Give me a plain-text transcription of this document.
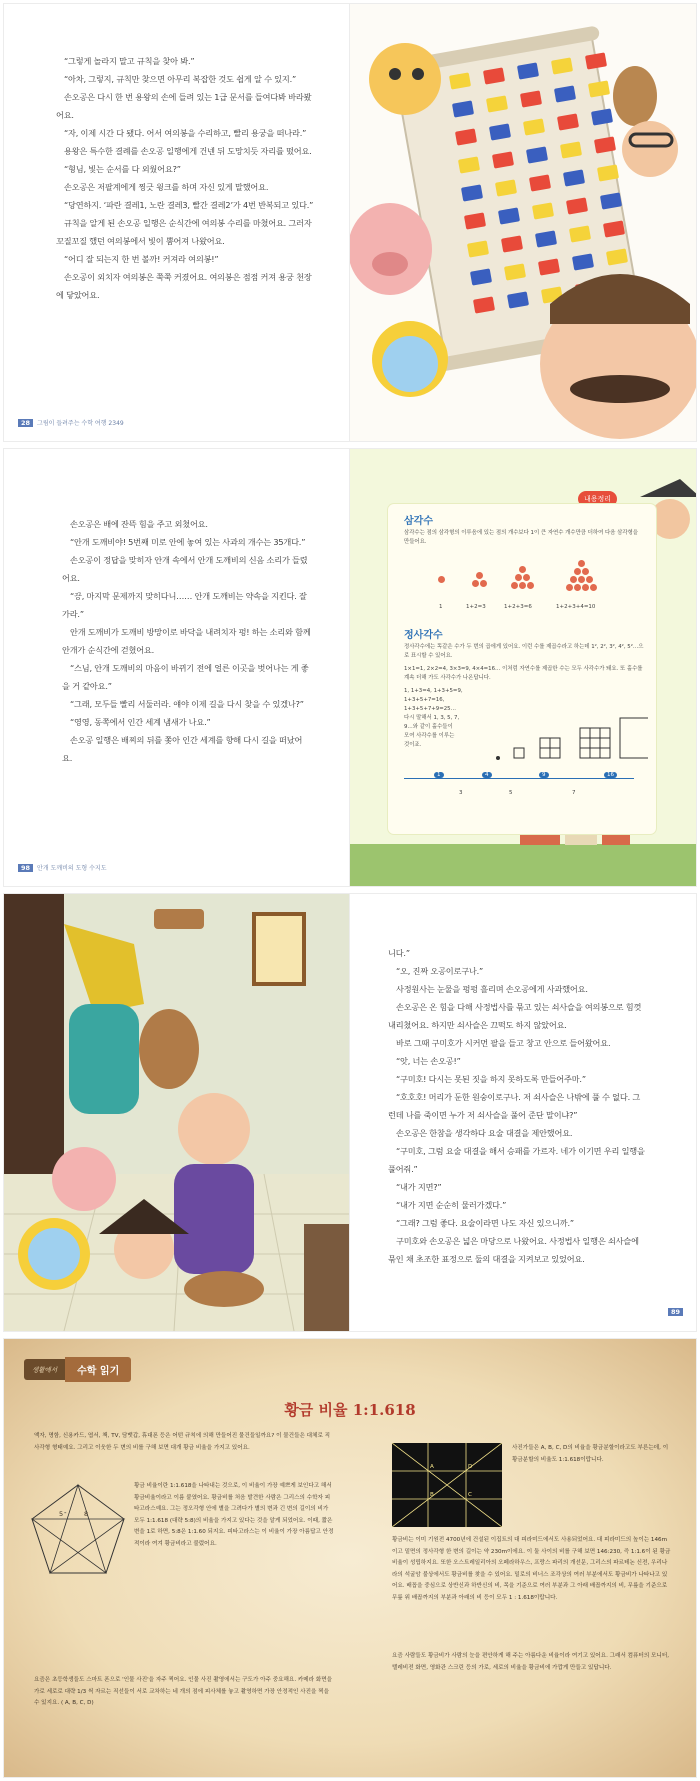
“그렇게 놀라지 말고 규칙을 찾아 봐.”

“아차, 그렇지, 규칙만 찾으면 아무리 복잡한 것도 쉽게 알 수 있지.”

손오공은 다시 한 번 용왕의 손에 들려 있는 1급 문서를 들여다봐 바라봤어요.

“자, 이제 시간 다 됐다. 어서 여의봉을 수리하고, 빨리 용궁을 떠나라.”

용왕은 특수한 결례를 손오공 일행에게 건넨 뒤 도망치듯 자리를 떴어요.

“형님, 빛는 순서를 다 외웠어요?”

손오공은 저팔계에게 찡긋 윙크를 하며 자신 있게 말했어요.

“당연하지. ‘파란 결레1, 노란 결레3, 빨간 결레2’가 4번 반복되고 있다.”

규칙을 알게 된 손오공 일행은 순식간에 여의봉 수리를 마쳤어요. 그러자 꼬질꼬질 했던 여의봉에서 빛이 뿜어져 나왔어요.

“어디 잘 되는지 한 번 볼까! 커져라 여의봉!”

손오공이 외치자 여의봉은 쭉쭉 커졌어요. 여의봉은 점점 커져 용궁 천장에 닿았어요.

28	그림이 들려주는 수학 여행 2349

손오공은 배에 잔뜩 힘을 주고 외쳤어요.

“안개 도깨비야! 5번째 미로 안에 놓여 있는 사과의 개수는 35개다.”

손오공이 정답을 맞히자 안개 속에서 안개 도깨비의 신음 소리가 들렸어요.

“끙, 마지막 문제까지 맞히다니…… 안개 도깨비는 약속을 지킨다. 잘 가라.”

안개 도깨비가 도깨비 방망이로 바닥을 내려치자 펑! 하는 소리와 함께 안개가 순식간에 걷혔어요.

“스님, 안개 도깨비의 마음이 바뀌기 전에 얼른 이곳을 벗어나는 게 좋을 거 같아요.”

“그래, 모두들 빨리 서둘러라. 얘야 이제 길을 다시 찾을 수 있겠나?”

“영영, 동쪽에서 인간 세계 냄새가 나요.”

손오공 일행은 배찌의 뒤를 쫓아 인간 세계를 향해 다시 길을 떠났어요.

98	안개 도깨비의 도형 수지도
내용정리
삼각수
삼각수는 점의 삼각형의 이루음에 있는 점의 개수보다 1이 큰 자연수 개수만큼 더하여 다음 삼각형을 만들어요.
1	1+2=3	1+2+3=6	1+2+3+4=10
정사각수
정사각수에는 똑같은 수가 두 번의 곱에게 있어요. 이런 수를 제곱수라고 하는데 1², 2², 3², 4², 5²…으로 표시할 수 있어요.
1×1=1, 2×2=4, 3×3=9, 4×4=16… 이처럼 자연수를 제곱한 수는 모두 사각수가 돼요. 또 홀수를 계속 더해 가도 사각수가 나온답니다.
1, 1+3=4, 1+3+5=9,
1+3+5+7=16,
1+3+5+7+9=25…
다시 말해서 1, 3, 5, 7,
9…와 같이 홀수들이
모여 사각수를 이루는
것이죠.
1	4	9	16
3	5	7

니다.”

“오, 진짜 오공이로구나.”

사정원사는 눈물을 펑펑 흘리며 손오공에게 사과했어요.

손오공은 온 힘을 다해 사정법사를 묶고 있는 쇠사슬을 여의봉으로 힘껏 내리쳤어요. 하지만 쇠사슬은 끄떡도 하지 않았어요.

바로 그때 구미호가 시커먼 팔을 들고 창고 안으로 들어왔어요.

“앗, 너는 손오공!”

“구미호! 다시는 못된 짓을 하지 못하도록 만들어주마.”

“호호호! 머리가 둔한 원숭이로구나. 저 쇠사슬은 나밖에 풀 수 없다. 그런데 나를 죽이면 누가 저 쇠사슬을 풀어 준단 말이냐?”

손오공은 한참을 생각하다 요술 대결을 제안했어요.

“구미호, 그럼 요술 대결을 해서 승패를 가르자. 네가 이기면 우리 일행을 풀어줘.”

“내가 지면?”

“내가 지면 순순히 물러가겠다.”

“그래? 그럼 좋다. 요술이라면 나도 자신 있으니까.”

구미호와 손오공은 넓은 마당으로 나왔어요. 사정법사 일행은 쇠사슬에 묶인 채 초조한 표정으로 둘의 대결을 지켜보고 있었어요.

89
생활에서	수학 읽기
황금 비율 1:1.618
액자, 명함, 신용카드, 엽서, 책, TV, 담뱃갑, 휴대폰 등은 어떤 규칙에 의해 만들어진 물건들일까요? 이 물건들은 대체로 직사각형 형태예요. 그리고 이웃한 두 변의 비를 구해 보면 대개 황금 비율을 가지고 있어요.
-
5	8
황금 비율이란 1:1.618을 나타내는 것으로, 이 비율이 가장 예쁘게 보인다고 해서 황금비율이라고 이름 붙였어요. 황금비를 처음 발견한 사람은 그리스의 수학자 피타고라스예요. 그는 정오각형 안에 별을 그려다가 별의 변과 긴 변의 길이의 비가 모두 1:1.618 (대략 5:8)의 비율을 가지고 있다는 것을 알게 되었어요. 이때, 짧은 변을 1로 하면, 5:8은 1:1.60 되지요. 피타고라스는 이 비율이 가장 아름답고 안정적이라 여겨 황금비라고 불렀어요.
요즘은 초등학생들도 스마트 폰으로 '인물 사진'을 자주 찍어요. 인물 사진 촬영에서는 구도가 아주 중요해요. 카메라 화면을 가로 세로로 대략 1/3 씩 자르는 직선들이 서로 교차하는 네 개의 점에 피사체를 놓고 촬영하면 가장 안정적인 사진을 찍을 수 있지요. ( A, B, C, D)
A
B	C
D
사진가들은 A, B, C, D의 비율을 황금분할이라고도 부른는데, 이 황금분할의 비율도 1:1.618이랍니다.
황금비는 이미 기원전 4700년에 건설된 이집트의 대 피라미드에서도 사용되었어요. 대 피라미드의 높이는 146m이고 밑면의 정사각형 한 변의 길이는 약 230m이에요. 이 둘 사이의 비를 구해 보면 146:230, 즉 1:1.6이 된 황금비율이 성립하지요. 또한 오스트레일리아의 오페라하우스, 프랑스 파리의 개선문, 그리스의 파르테논 신전, 우리나라의 석굴암 불상에서도 황금비를 찾을 수 있어요. 밀로의 비너스 조각상의 여러 부분에서도 황금비가 나타나고 있어요. 배꼽을 중심으로 상반신과 하반신의 비, 목을 기준으로 여러 부분과 그 아래 배꼽까지의 비, 무릎을 기준으로 무릎 위 배꼽까지의 부분과 아래의 비 등이 모두 1 : 1.618이랍니다.
요즘 사람들도 황금비가 사람의 눈을 편안하게 해 주는 아름다운 비율이라 여기고 있어요. 그래서 컴퓨터의 모니터, 텔레비전 화면, 영화관 스크린 등의 가로, 세로의 비율을 황금비에 가깝게 만들고 있답니다.
